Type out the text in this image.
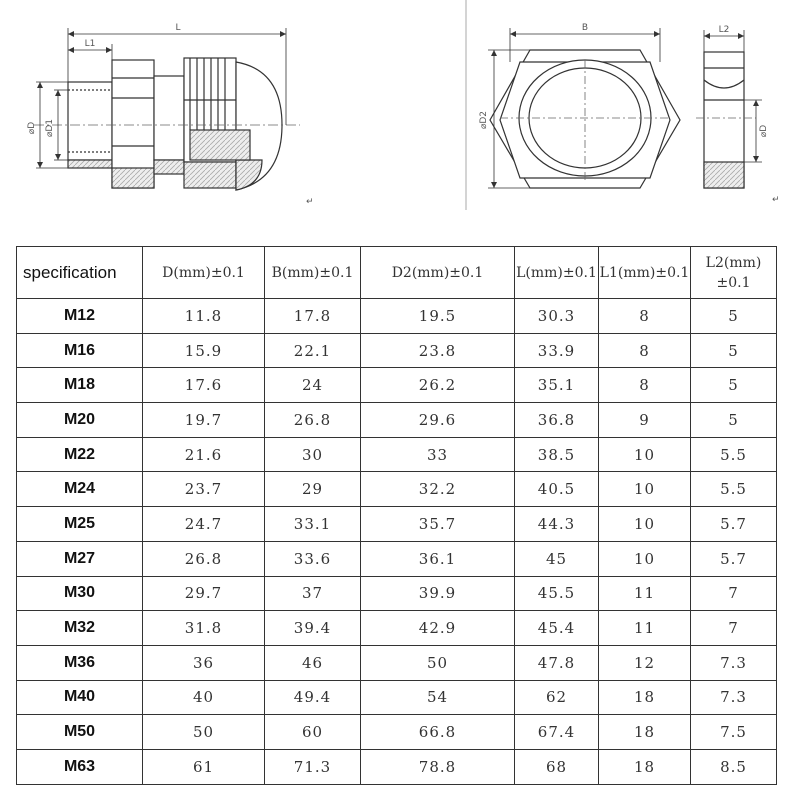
↵
L
L1
⌀D ⌀D1
B
⌀D2
↵
L2
⌀D
specification	D(mm)±0.1	B(mm)±0.1	D2(mm)±0.1	L(mm)±0.1	L1(mm)±0.1	L2(mm)±0.1
M12	11.8	17.8	19.5	30.3	8	5
M16	15.9	22.1	23.8	33.9	8	5
M18	17.6	24	26.2	35.1	8	5
M20	19.7	26.8	29.6	36.8	9	5
M22	21.6	30	33	38.5	10	5.5
M24	23.7	29	32.2	40.5	10	5.5
M25	24.7	33.1	35.7	44.3	10	5.7
M27	26.8	33.6	36.1	45	10	5.7
M30	29.7	37	39.9	45.5	11	7
M32	31.8	39.4	42.9	45.4	11	7
M36	36	46	50	47.8	12	7.3
M40	40	49.4	54	62	18	7.3
M50	50	60	66.8	67.4	18	7.5
M63	61	71.3	78.8	68	18	8.5
